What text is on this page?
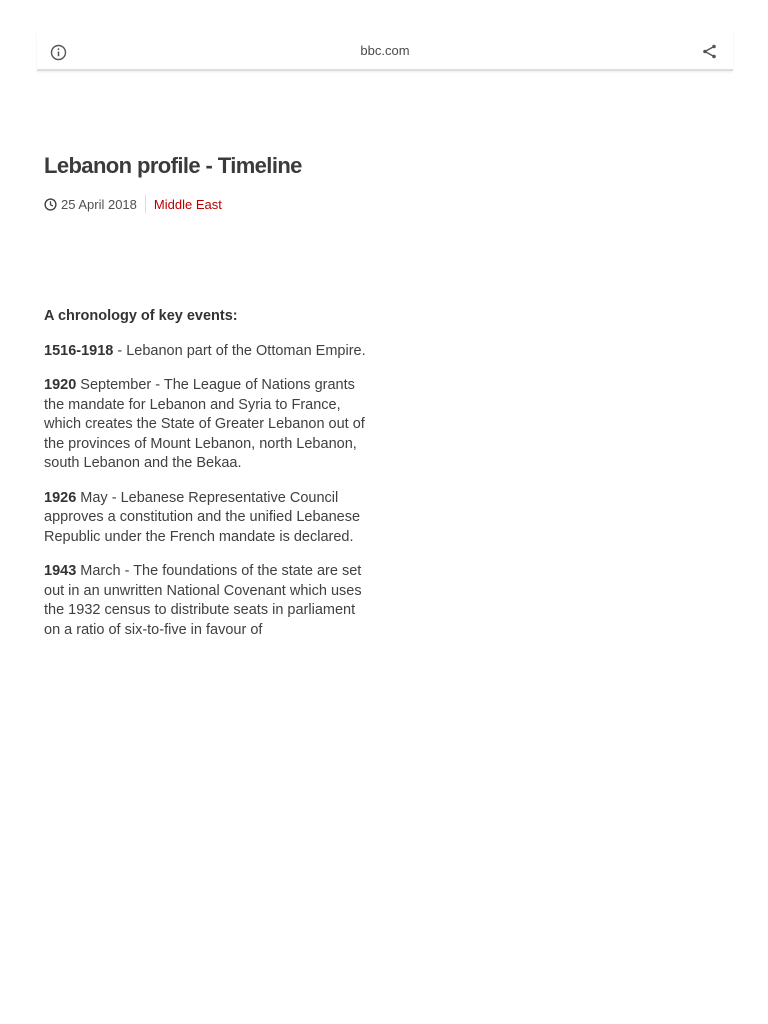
bbc.com
Lebanon profile - Timeline
25 April 2018 Middle East

A chronology of key events:

1516-1918 - Lebanon part of the Ottoman Empire.

1920 September - The League of Nations grants the mandate for Lebanon and Syria to France, which creates the State of Greater Lebanon out of the provinces of Mount Lebanon, north Lebanon, south Lebanon and the Bekaa.

1926 May - Lebanese Representative Council approves a constitution and the unified Lebanese Republic under the French mandate is declared.

1943 March - The foundations of the state are set out in an unwritten National Covenant which uses the 1932 census to distribute seats in parliament on a ratio of six-to-five in favour of
